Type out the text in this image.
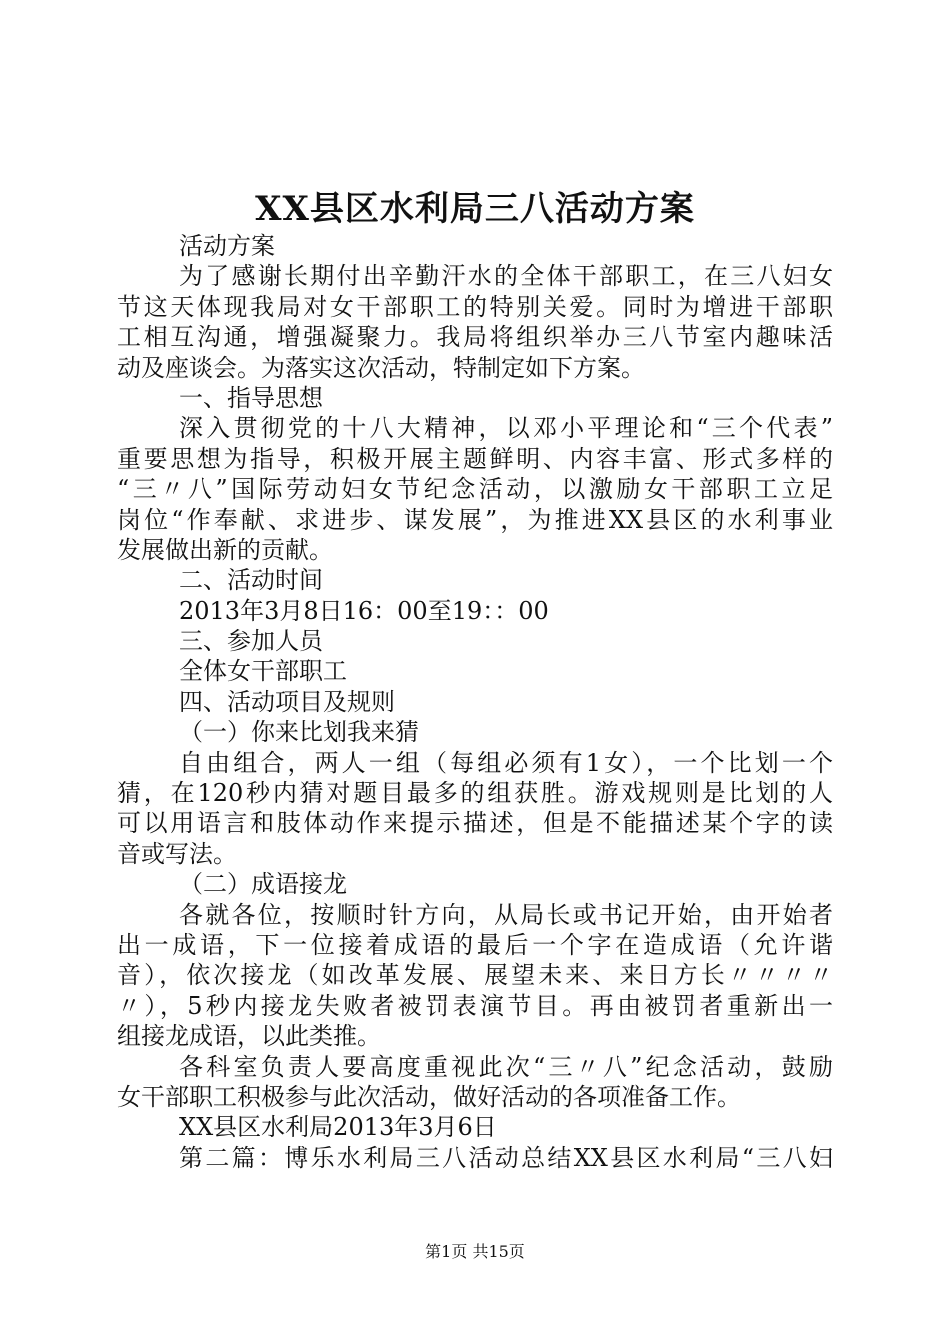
XX县区水利局三八活动方案
活动方案
为了感谢长期付出辛勤汗水的全体干部职工，在三八妇女
节这天体现我局对女干部职工的特别关爱。同时为增进干部职
工相互沟通，增强凝聚力。我局将组织举办三八节室内趣味活
动及座谈会。为落实这次活动，特制定如下方案。
一、指导思想
深入贯彻党的十八大精神，以邓小平理论和“三个代表”
重要思想为指导，积极开展主题鲜明、内容丰富、形式多样的
“三〃八”国际劳动妇女节纪念活动，以激励女干部职工立足
岗位“作奉献、求进步、谋发展”，为推进XX县区的水利事业
发展做出新的贡献。
二、活动时间
2013年3月8日16：00至19：：00
三、参加人员
全体女干部职工
四、活动项目及规则
（一）你来比划我来猜
自由组合，两人一组（每组必须有1女），一个比划一个
猜，在120秒内猜对题目最多的组获胜。游戏规则是比划的人
可以用语言和肢体动作来提示描述，但是不能描述某个字的读
音或写法。
（二）成语接龙
各就各位，按顺时针方向，从局长或书记开始，由开始者
出一成语，下一位接着成语的最后一个字在造成语（允许谐
音），依次接龙（如改革发展、展望未来、来日方长〃〃〃〃
〃），5秒内接龙失败者被罚表演节目。再由被罚者重新出一
组接龙成语，以此类推。
各科室负责人要高度重视此次“三〃八”纪念活动，鼓励
女干部职工积极参与此次活动，做好活动的各项准备工作。
XX县区水利局2013年3月6日
第二篇：博乐水利局三八活动总结XX县区水利局“三八妇
第1页 共15页
